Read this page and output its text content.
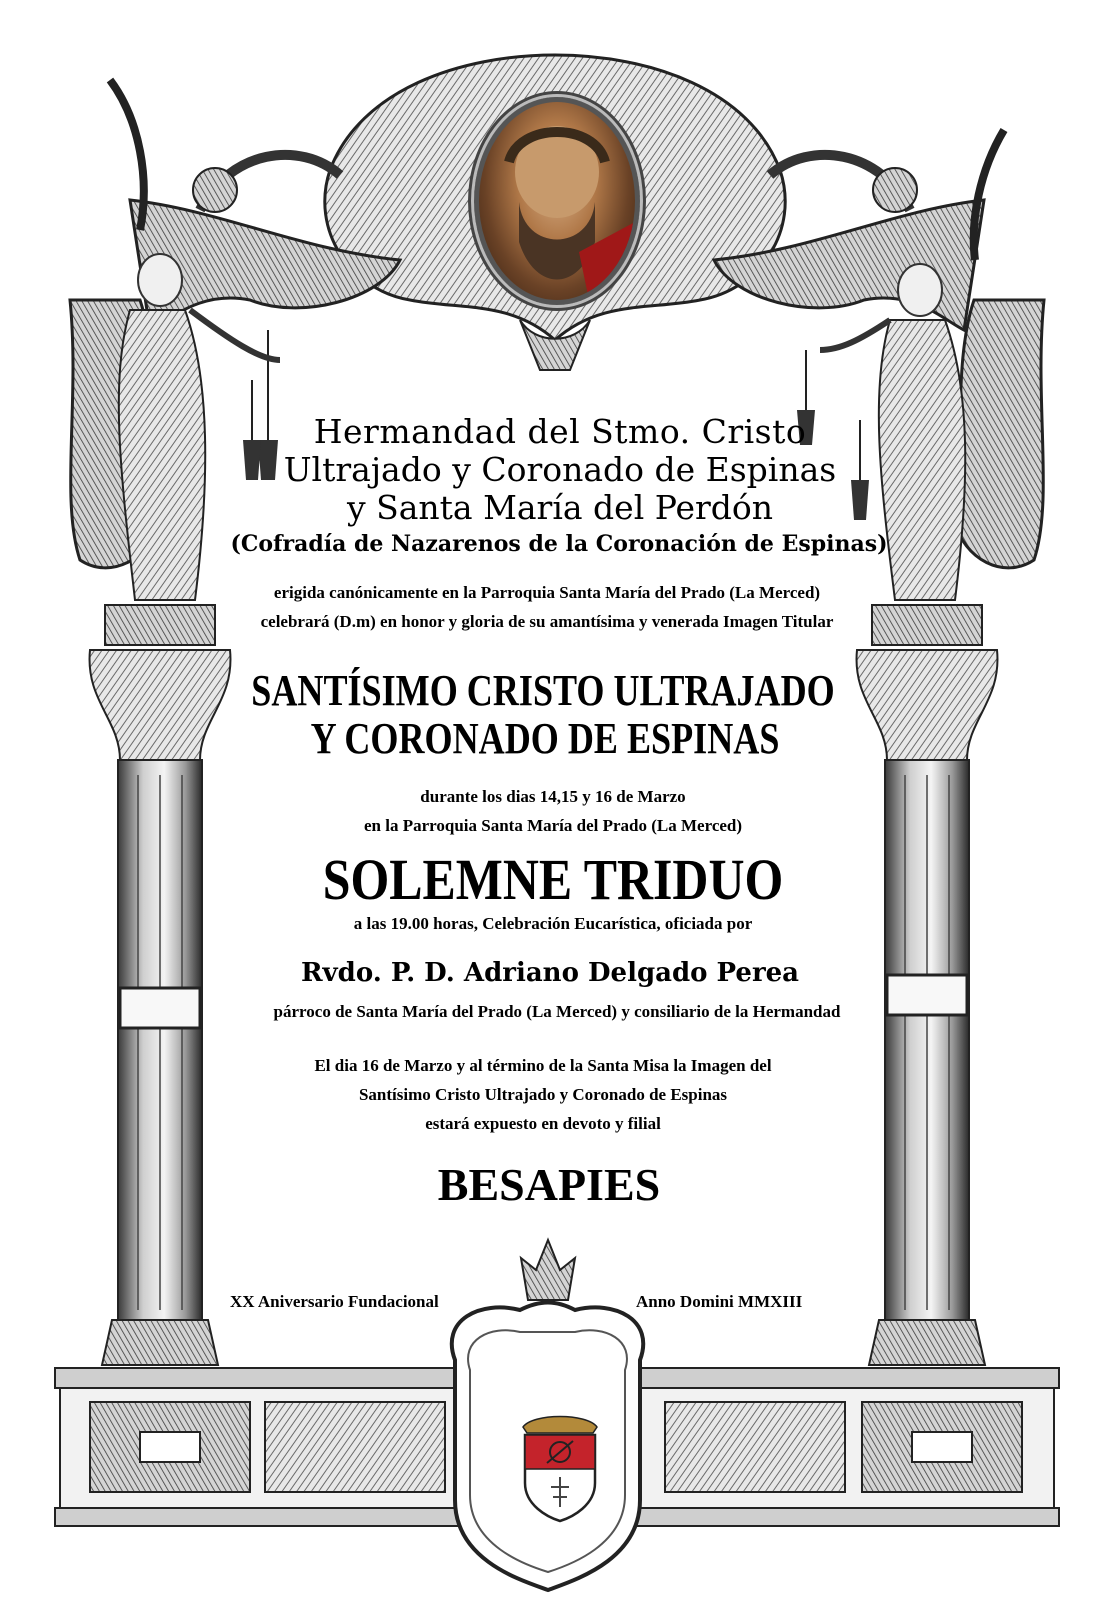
Hermandad del Stmo. Cristo
Ultrajado y Coronado de Espinas
y Santa María del Perdón
(Cofradía de Nazarenos de la Coronación de Espinas)
erigida canónicamente en la Parroquia Santa María del Prado (La Merced)
celebrará (D.m) en honor y gloria de su amantísima y venerada Imagen Titular
SANTÍSIMO CRISTO ULTRAJADO
Y CORONADO DE ESPINAS
durante los dias 14,15 y 16 de Marzo
en la Parroquia Santa María del Prado (La Merced)
SOLEMNE TRIDUO
a las 19.00 horas, Celebración Eucarística, oficiada por
Rvdo. P. D. Adriano Delgado Perea
párroco de Santa María del Prado (La Merced) y consiliario de la Hermandad
El dia 16 de Marzo y al término de la Santa Misa la Imagen del
Santísimo Cristo Ultrajado y Coronado de Espinas
estará expuesto en devoto y filial
BESAPIES
XX Aniversario Fundacional	Anno Domini MMXIII
